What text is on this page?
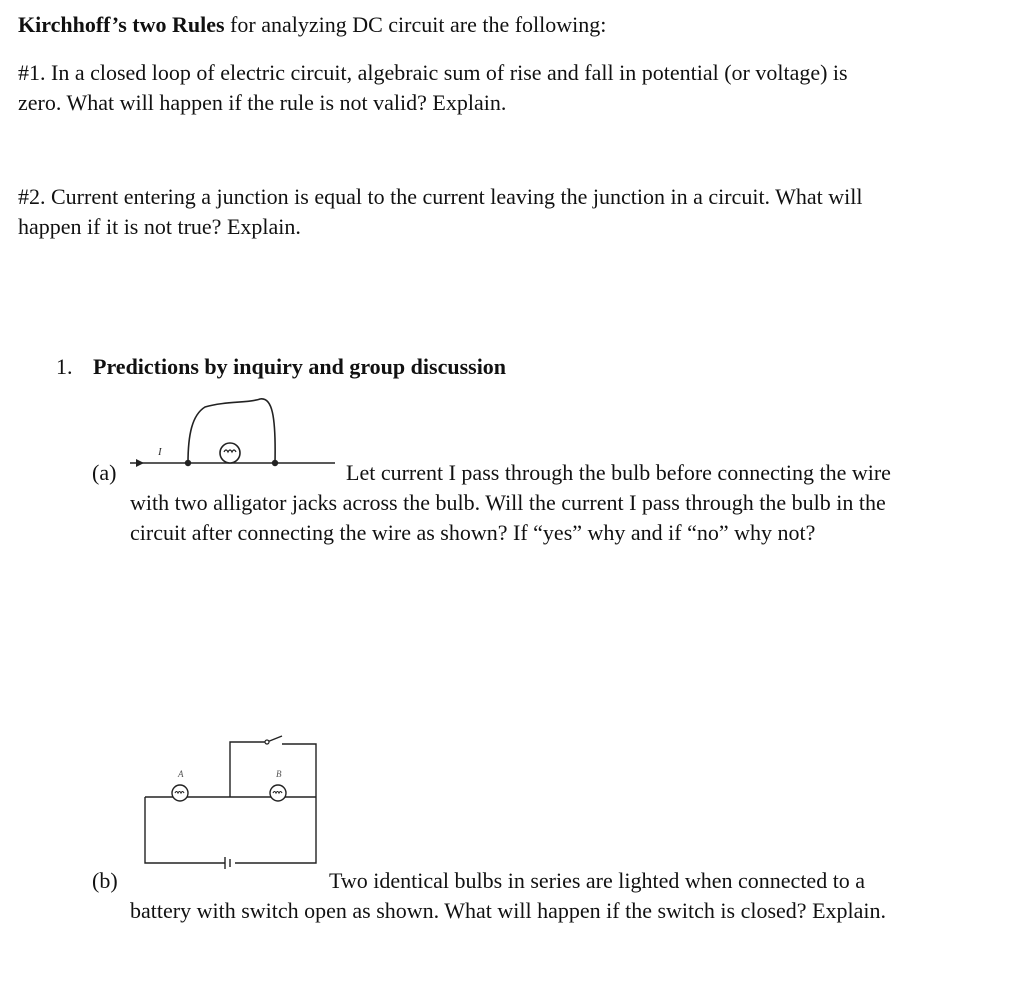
Kirchhoff’s two Rules for analyzing DC circuit are the following:
#1. In a closed loop of electric circuit, algebraic sum of rise and fall in potential (or voltage) is
zero. What will happen if the rule is not valid? Explain.
#2. Current entering a junction is equal to the current leaving the junction in a circuit. What will
happen if it is not true? Explain.
1. Predictions by inquiry and group discussion
I
(a)	Let current I pass through the bulb before connecting the wire
with two alligator jacks across the bulb. Will the current I pass through the bulb in the
circuit after connecting the wire as shown? If “yes” why and if “no” why not?
A	B
(b)	Two identical bulbs in series are lighted when connected to a
battery with switch open as shown. What will happen if the switch is closed? Explain.
